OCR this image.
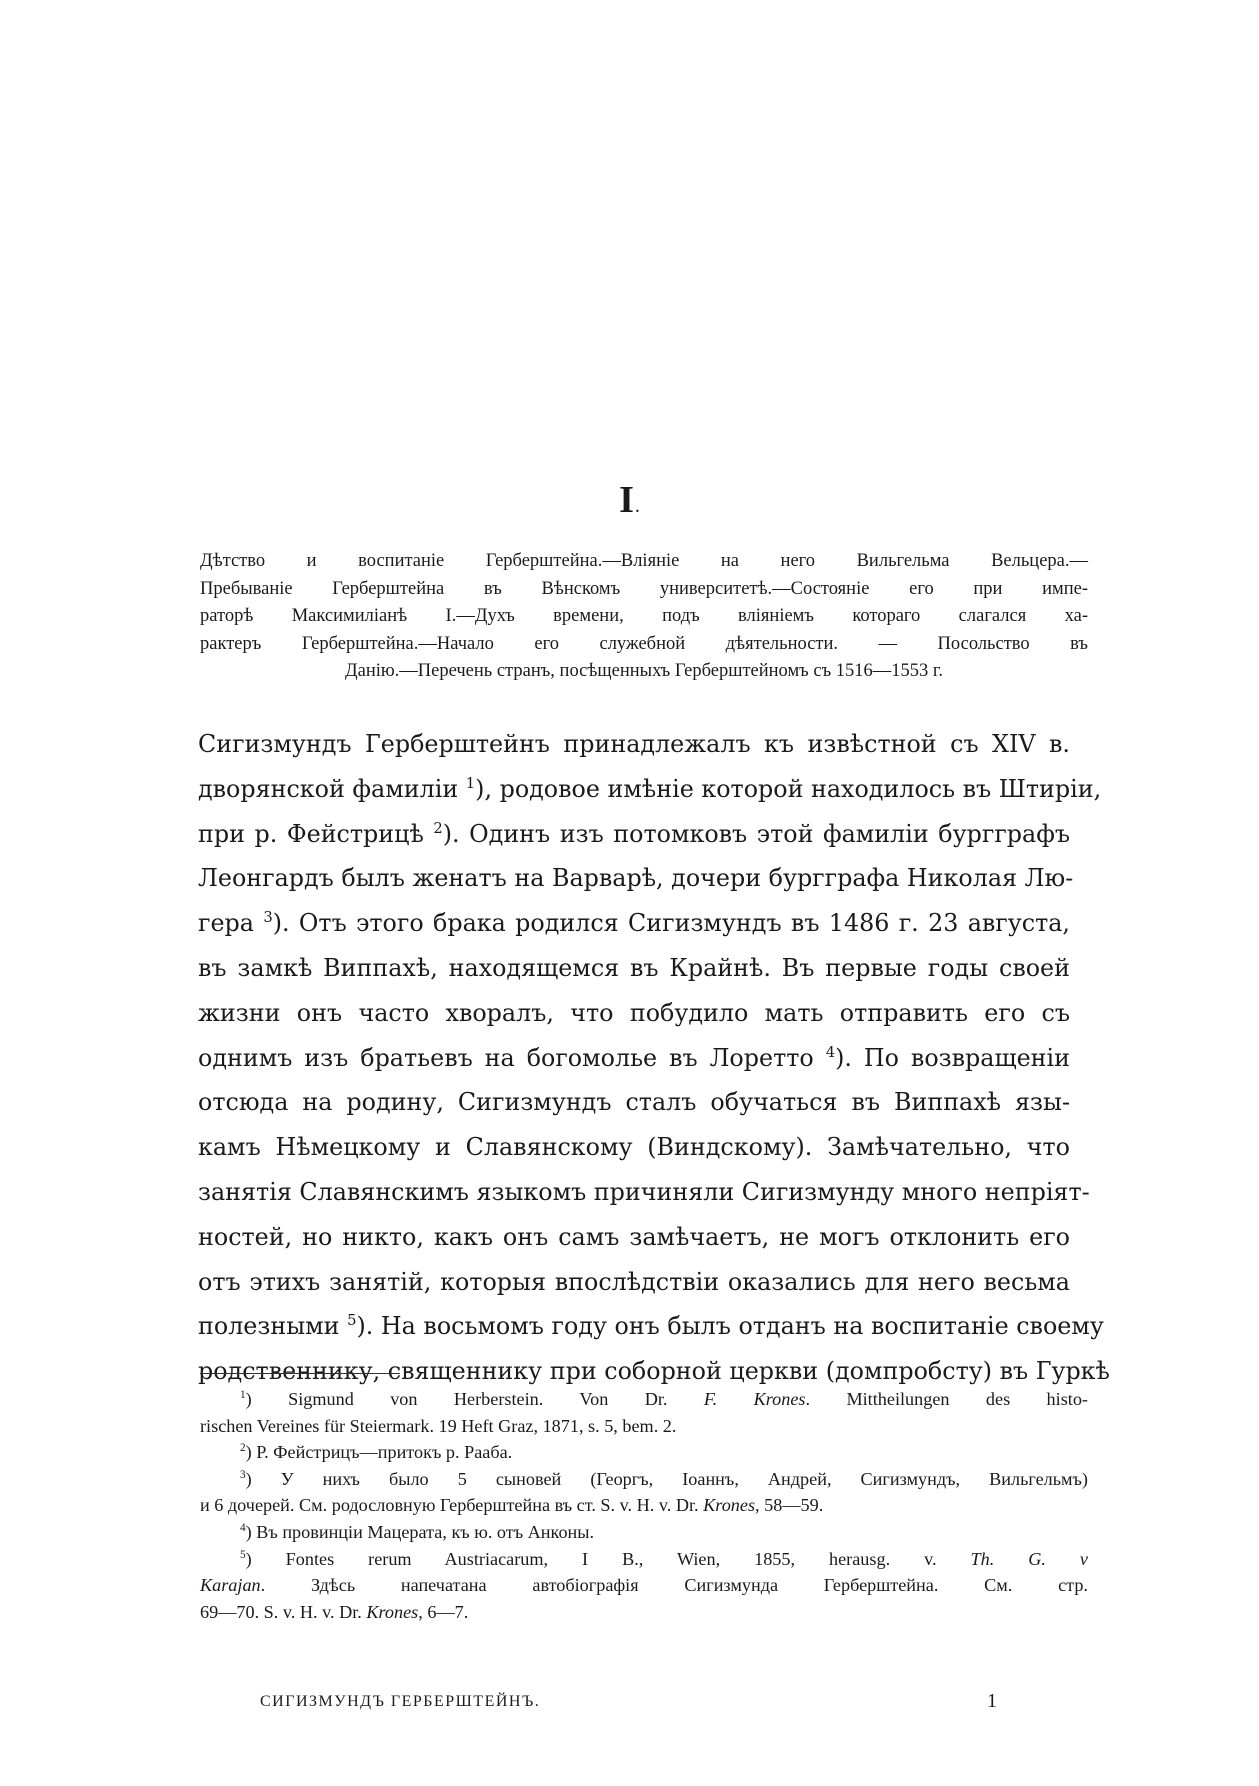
I.
Дѣтство и воспитаніе Герберштейна.—Вліяніе на него Вильгельма Вельцера.—
Пребываніе Герберштейна въ Вѣнскомъ университетѣ.—Состояніе его при импе-
раторѣ Максимиліанѣ I.—Духъ времени, подъ вліяніемъ котораго слагался ха-
рактеръ Герберштейна.—Начало его служебной дѣятельности. — Посольство въ
Данію.—Перечень странъ, посѣщенныхъ Герберштейномъ съ 1516—1553 г.
Сигизмундъ Герберштейнъ принадлежалъ къ извѣстной съ XIV в.
дворянской фамиліи $^1$), родовое имѣніе которой находилось въ Штиріи,
при р. Фейстрицѣ $^2$). Одинъ изъ потомковъ этой фамиліи бургграфъ
Леонгардъ былъ женатъ на Варварѣ, дочери бургграфа Николая Лю-
гера $^3$). Отъ этого брака родился Сигизмундъ въ 1486 г. 23 августа,
въ замкѣ Виппахѣ, находящемся въ Крайнѣ. Въ первые годы своей
жизни онъ часто хворалъ, что побудило мать отправить его съ
однимъ изъ братьевъ на богомолье въ Лоретто $^4$). По возвращеніи
отсюда на родину, Сигизмундъ сталъ обучаться въ Виппахѣ язы-
камъ Нѣмецкому и Славянскому (Виндскому). Замѣчательно, что
занятія Славянскимъ языкомъ причиняли Сигизмунду много непріят-
ностей, но никто, какъ онъ самъ замѣчаетъ, не могъ отклонить его
отъ этихъ занятій, которыя впослѣдствіи оказались для него весьма
полезными $^5$). На восьмомъ году онъ былъ отданъ на воспитаніе своему
родственнику, священнику при соборной церкви (домпробсту) въ Гуркѣ
$^1$) Sigmund von Herberstein. Von Dr. F. Krones. Mittheilungen des histo-
rischen Vereines für Steiermark. 19 Heft Graz, 1871, s. 5, bem. 2.
$^2$) Р. Фейстрицъ—притокъ р. Рааба.
$^3$) У нихъ было 5 сыновей (Георгъ, Іоаннъ, Андрей, Сигизмундъ, Вильгельмъ)
и 6 дочерей. См. родословную Герберштейна въ ст. S. v. H. v. Dr. Krones, 58—59.
$^4$) Въ провинціи Мацерата, къ ю. отъ Анконы.
$^5$) Fontes rerum Austriacarum, I B., Wien, 1855, herausg. v. Th. G. v
Karajan. Здѣсь напечатана автобіографія Сигизмунда Герберштейна. См. стр.
69—70. S. v. H. v. Dr. Krones, 6—7.
СИГИЗМУНДЪ ГЕРБЕРШТЕЙНЪ.	1
